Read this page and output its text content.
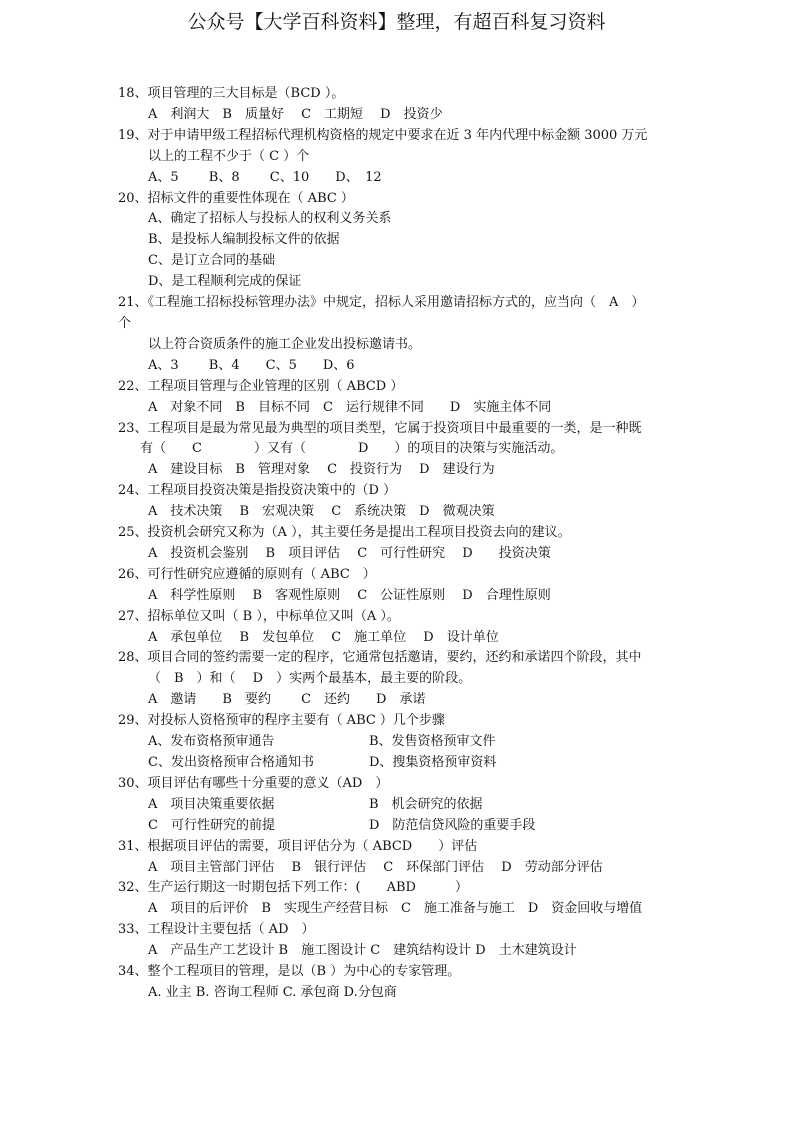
公众号【大学百科资料】整理，有超百科复习资料
18、项目管理的三大目标是（BCD ）。
A　利润大　B　质量好　 C　工期短　 D　投资少
19、对于申请甲级工程招标代理机构资格的规定中要求在近 3 年内代理中标金额 3000 万元
以上的工程不少于（ C ）个
A、5　　 B、8　　 C、10　　D、　12
20、招标文件的重要性体现在（ ABC ）
A、确定了招标人与投标人的权利义务关系
B、是投标人编制投标文件的依据
C、是订立合同的基础
D、是工程顺利完成的保证
21、《工程施工招标投标管理办法》中规定，招标人采用邀请招标方式的，应当向（　A　）
个
以上符合资质条件的施工企业发出投标邀请书。
A、3　　 B、4　　C、5　　D、6
22、工程项目管理与企业管理的区别（ ABCD ）
A　对象不同　B　目标不同　C　运行规律不同　　D　实施主体不同
23、工程项目是最为常见最为典型的项目类型，它属于投资项目中最重要的一类，是一种既
有（　　C　　　　）又有（　　　　D　　）的项目的决策与实施活动。
A　建设目标　B　管理对象　 C　投资行为　 D　建设行为
24、工程项目投资决策是指投资决策中的（D ）
A　技术决策　 B　宏观决策　 C　系统决策　D　微观决策
25、投资机会研究又称为（A ），其主要任务是提出工程项目投资去向的建议。
A　投资机会鉴别　 B　项目评估　 C　可行性研究　 D　　投资决策
26、可行性研究应遵循的原则有（ ABC　）
A　科学性原则　 B　客观性原则　 C　公证性原则　 D　合理性原则
27、招标单位又叫（ B ），中标单位又叫（A ）。
A　承包单位　 B　发包单位　 C　施工单位　 D　设计单位
28、项目合同的签约需要一定的程序，它通常包括邀请，要约，还约和承诺四个阶段，其中
（　B　）和（　 D　）实两个最基本，最主要的阶段。
A　邀请　　B　要约　　 C　还约　　D　承诺
29、对投标人资格预审的程序主要有（ ABC ）几个步骤
A、发布资格预审通告	B、发售资格预审文件
C、发出资格预审合格通知书	D、搜集资格预审资料
30、项目评估有哪些十分重要的意义（AD　）
A　项目决策重要依据	B　机会研究的依据
C　可行性研究的前提	D　防范信贷风险的重要手段
31、根据项目评估的需要，项目评估分为（ ABCD　　）评估
A　项目主管部门评估　 B　银行评估　 C　环保部门评估　 D　劳动部分评估
32、生产运行期这一时期包括下列工作：(　　ABD　　　）
A　项目的后评价　B　实现生产经营目标　C　施工准备与施工　D　资金回收与增值
33、工程设计主要包括（ AD　）
A　产品生产工艺设计 B　施工图设计 C　建筑结构设计 D　土木建筑设计
34、整个工程项目的管理，是以（B ）为中心的专家管理。
A. 业主 B. 咨询工程师 C. 承包商 D.分包商
